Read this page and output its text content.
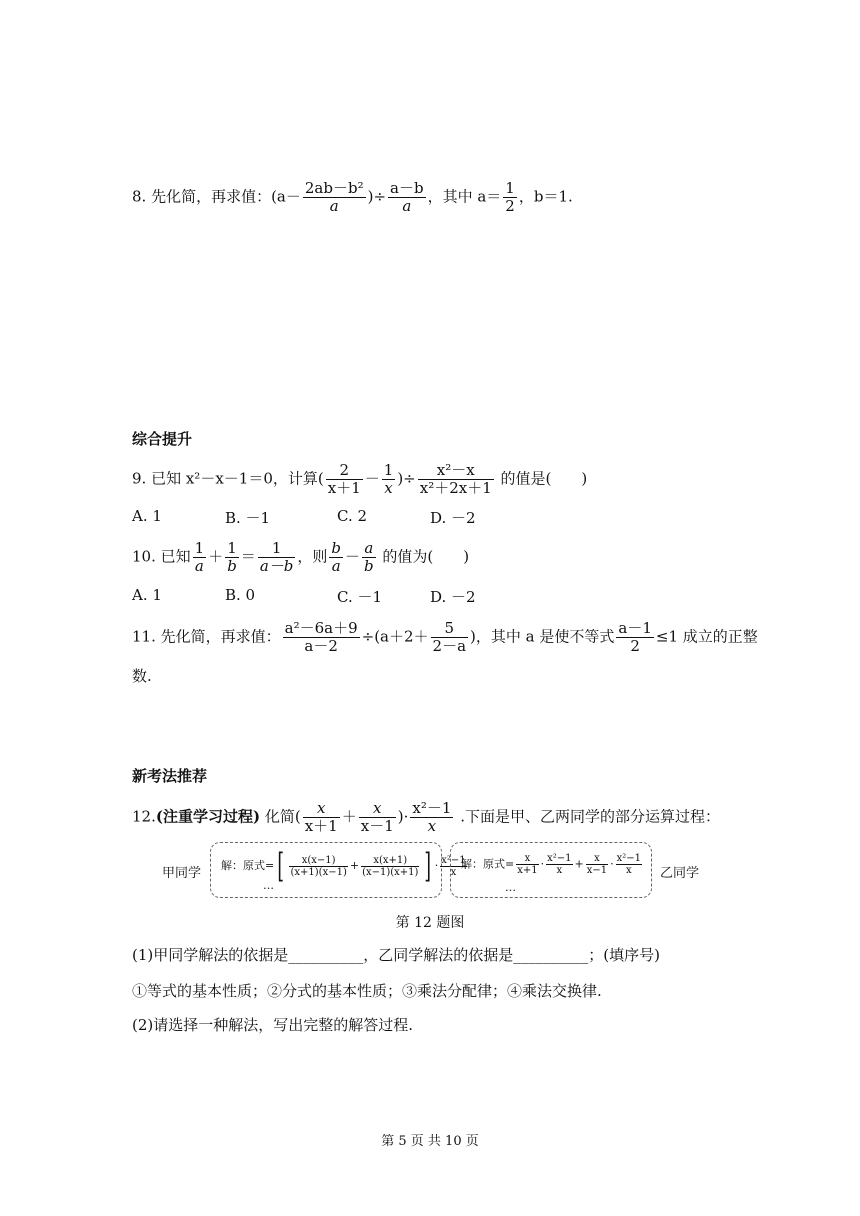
8. 先化简，再求值：($a- \frac{\text{2ab－b²}}{a}$ )÷ $\frac{a-b}{a}$ ，其中 $a= \frac{1}{2}$ ，b＝1.
综合提升
9. 已知 x²－x－1＝0，计算( $\frac{2}{x+1} - \frac{1}{x}$ )÷ $\frac{\text{x²－x}}{\text{x²＋2x＋1}}$ 的值是(　　)
A. 1	B. －1	C. 2	D. －2
10. 已知 $\frac{1}{a} + \frac{1}{b} = \frac{1}{a-b}$ ，则 $\frac{b}{a} - \frac{a}{b}$ 的值为(　　)
A. 1	B. 0	C. －1	D. －2
11. 先化简，再求值： $\frac{\text{a²－6a＋9}}{a-2} \div(a+2+ \frac{5}{2-a}$ )，其中 a 是使不等式 $\frac{a-1}{2} \le 1$ 成立的正整
数.
新考法推荐
12.(注重学习过程) 化简( $\frac{x}{x+1} + \frac{x}{x-1}$ )· $\frac{\text{x²－1}}{x}$ .下面是甲、乙两同学的部分运算过程：
甲同学	乙同学
解：原式=[ $\frac{x(x-1)}{(x+1)(x-1)} + \frac{x(x+1)}{(x-1)(x+1)}$ ] · $\frac{\text{x²−1}}{x}$
…
解：原式= $\frac{x}{x+1} \cdot \frac{\text{x²−1}}{x} + \frac{x}{x-1} \cdot \frac{\text{x²−1}}{x}$
…
第 12 题图
(1)甲同学解法的依据是__________，乙同学解法的依据是__________；(填序号)
①等式的基本性质；②分式的基本性质；③乘法分配律；④乘法交换律.
(2)请选择一种解法，写出完整的解答过程.
第 5 页 共 10 页
